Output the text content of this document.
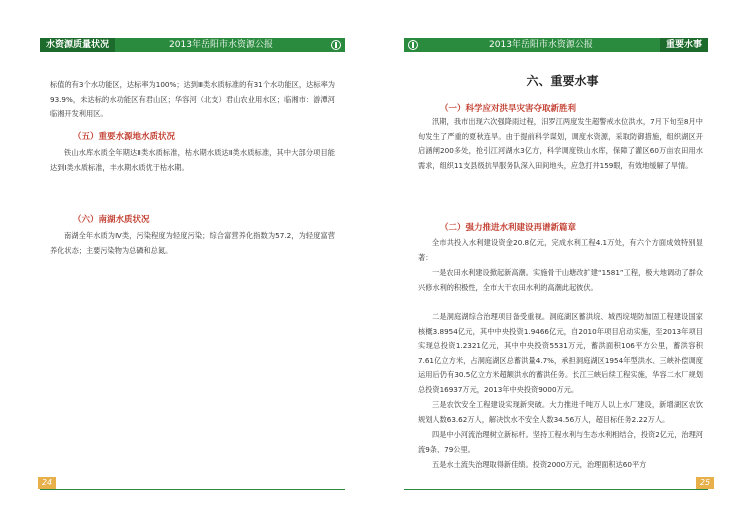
水资源质量状况	2013年岳阳市水资源公报
标值的有3个水功能区，达标率为100%；达到Ⅲ类水质标准的有31个水功能区，达标率为93.9%，未达标的水功能区有君山区；华容河（北支）君山农业用水区；临湘市：游潭河临湘开发利用区。
（五）重要水源地水质状况
铁山水库水质全年期达Ⅱ类水质标准，枯水期水质达Ⅱ类水质标准，其中大部分项目能达到Ⅰ类水质标准，丰水期水质优于枯水期。
（六）南湖水质状况
南湖全年水质为Ⅳ类，污染程度为轻度污染；综合富营养化指数为57.2，为轻度富营养化状态；主要污染物为总磷和总氮。
24
2013年岳阳市水资源公报	重要水事
六、重要水事
（一）科学应对洪旱灾害夺取新胜利
汛期，我市出现六次强降雨过程，汨罗江两度发生超警戒水位洪水，7月下旬至8月中旬发生了严重的夏秋连旱。由于提前科学谋划，调度水资源，采取防御措施，组织湖区开启涵闸200多处，抢引江河湖水3亿方，科学调度铁山水库，保障了灌区60万亩农田用水需求，组织11支县级抗旱服务队深入田间地头，应急打井159眼，有效地缓解了旱情。
（二）强力推进水利建设再谱新篇章
全市共投入水利建设资金20.8亿元，完成水利工程4.1万处，有六个方面成效特别显著：
一是农田水利建设掀起新高潮。实施骨干山塘改扩建“1581”工程，极大地调动了群众兴修水利的积极性，全市大干农田水利的高潮此起彼伏。
二是洞庭湖综合治理项目备受重视。洞庭湖区蓄洪垸、城西垸堤防加固工程建设国家核概3.8954亿元，其中中央投资1.9466亿元，自2010年项目启动实施，至2013年项目实现总投资1.2321亿元，其中中央投资5531万元，蓄洪面积106平方公里，蓄洪容积7.61亿立方米，占洞庭湖区总蓄洪量4.7%，承担洞庭湖区1954年型洪水、三峡补偿调度运用后仍有30.5亿立方米超额洪水的蓄洪任务。长江三峡后续工程实施，华容二水厂规划总投资16937万元，2013年中央投资9000万元。
三是农饮安全工程建设实现新突破。大力推进千吨万人以上水厂建设，新增湖区农饮规划人数63.62万人，解决饮水不安全人数34.56万人，超目标任务2.22万人。
四是中小河流治理树立新标杆。坚持工程水利与生态水利相结合，投资2亿元，治理河流9条、79公里。
五是水土流失治理取得新佳绩。投资2000万元，治理面积达60平方
25
